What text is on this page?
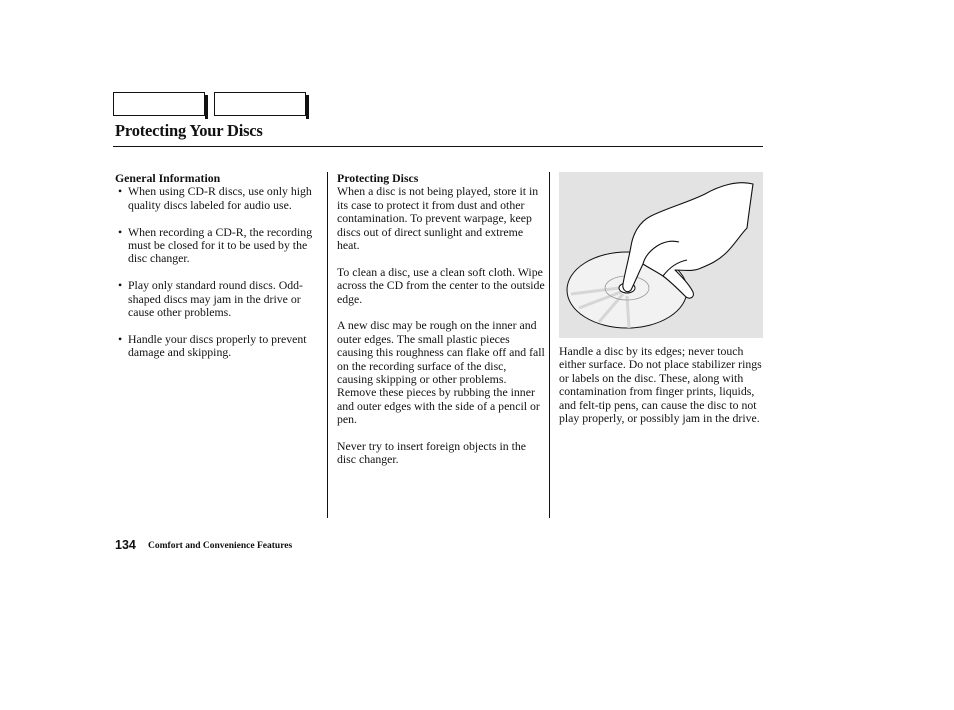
Protecting Your Discs
General Information
• When using CD-R discs, use only high quality discs labeled for audio use.
• When recording a CD-R, the recording must be closed for it to be used by the disc changer.
• Play only standard round discs. Odd-shaped discs may jam in the drive or cause other problems.
• Handle your discs properly to prevent damage and skipping.
Protecting Discs

When a disc is not being played, store it in its case to protect it from dust and other contamination. To prevent warpage, keep discs out of direct sunlight and extreme heat.

To clean a disc, use a clean soft cloth. Wipe across the CD from the center to the outside edge.

A new disc may be rough on the inner and outer edges. The small plastic pieces causing this roughness can flake off and fall on the recording surface of the disc, causing skipping or other problems. Remove these pieces by rubbing the inner and outer edges with the side of a pencil or pen.

Never try to insert foreign objects in the disc changer.

Handle a disc by its edges; never touch either surface. Do not place stabilizer rings or labels on the disc. These, along with contamination from finger prints, liquids, and felt-tip pens, can cause the disc to not play properly, or possibly jam in the drive.

134 Comfort and Convenience Features
